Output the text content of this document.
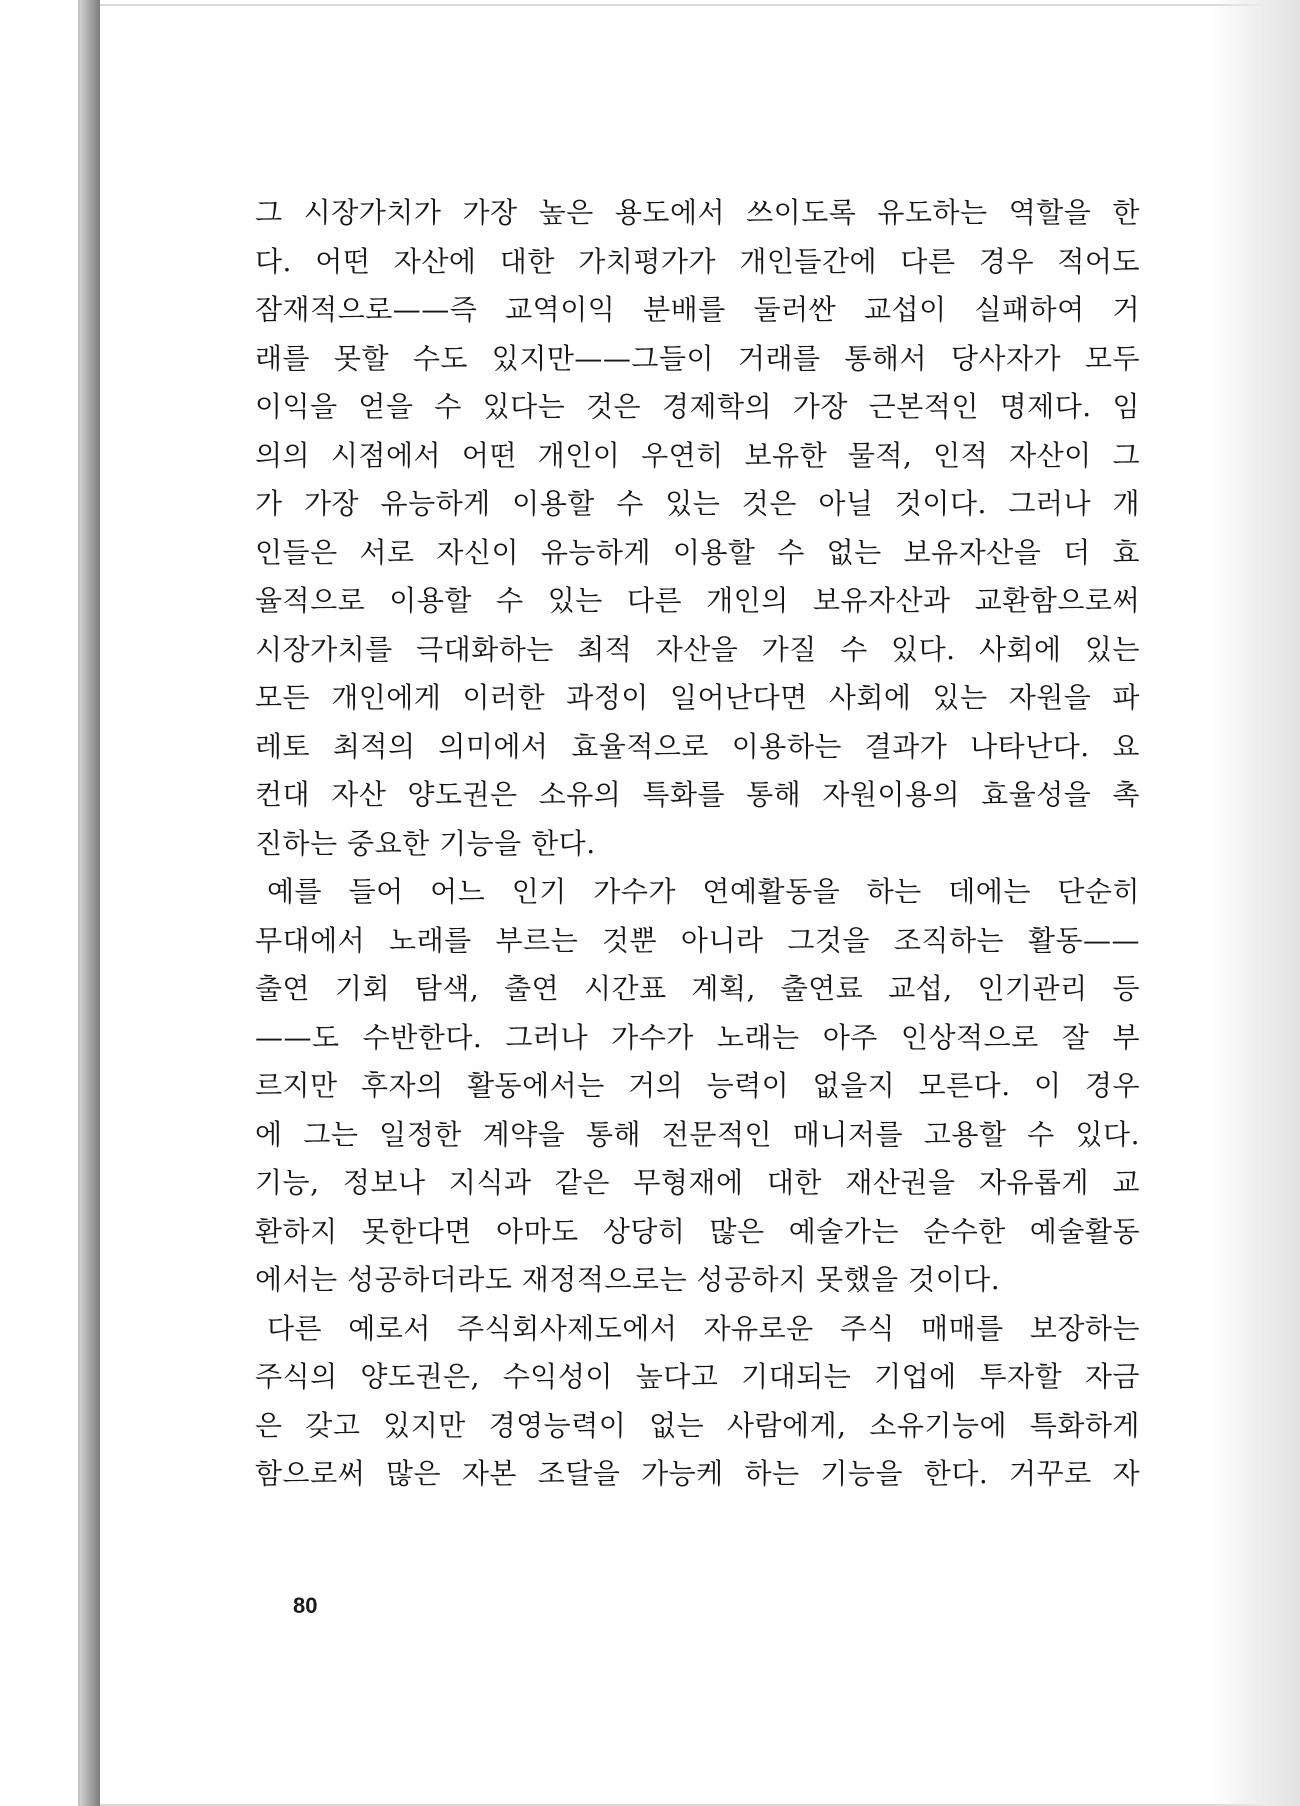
그 시장가치가 가장 높은 용도에서 쓰이도록 유도하는 역할을 한
다. 어떤 자산에 대한 가치평가가 개인들간에 다른 경우 적어도
잠재적으로——즉 교역이익 분배를 둘러싼 교섭이 실패하여 거
래를 못할 수도 있지만——그들이 거래를 통해서 당사자가 모두
이익을 얻을 수 있다는 것은 경제학의 가장 근본적인 명제다. 임
의의 시점에서 어떤 개인이 우연히 보유한 물적, 인적 자산이 그
가 가장 유능하게 이용할 수 있는 것은 아닐 것이다. 그러나 개
인들은 서로 자신이 유능하게 이용할 수 없는 보유자산을 더 효
율적으로 이용할 수 있는 다른 개인의 보유자산과 교환함으로써
시장가치를 극대화하는 최적 자산을 가질 수 있다. 사회에 있는
모든 개인에게 이러한 과정이 일어난다면 사회에 있는 자원을 파
레토 최적의 의미에서 효율적으로 이용하는 결과가 나타난다. 요
컨대 자산 양도권은 소유의 특화를 통해 자원이용의 효율성을 촉
진하는 중요한 기능을 한다.
예를 들어 어느 인기 가수가 연예활동을 하는 데에는 단순히
무대에서 노래를 부르는 것뿐 아니라 그것을 조직하는 활동——
출연 기회 탐색, 출연 시간표 계획, 출연료 교섭, 인기관리 등
——도 수반한다. 그러나 가수가 노래는 아주 인상적으로 잘 부
르지만 후자의 활동에서는 거의 능력이 없을지 모른다. 이 경우
에 그는 일정한 계약을 통해 전문적인 매니저를 고용할 수 있다.
기능, 정보나 지식과 같은 무형재에 대한 재산권을 자유롭게 교
환하지 못한다면 아마도 상당히 많은 예술가는 순수한 예술활동
에서는 성공하더라도 재정적으로는 성공하지 못했을 것이다.
다른 예로서 주식회사제도에서 자유로운 주식 매매를 보장하는
주식의 양도권은, 수익성이 높다고 기대되는 기업에 투자할 자금
은 갖고 있지만 경영능력이 없는 사람에게, 소유기능에 특화하게
함으로써 많은 자본 조달을 가능케 하는 기능을 한다. 거꾸로 자
80
